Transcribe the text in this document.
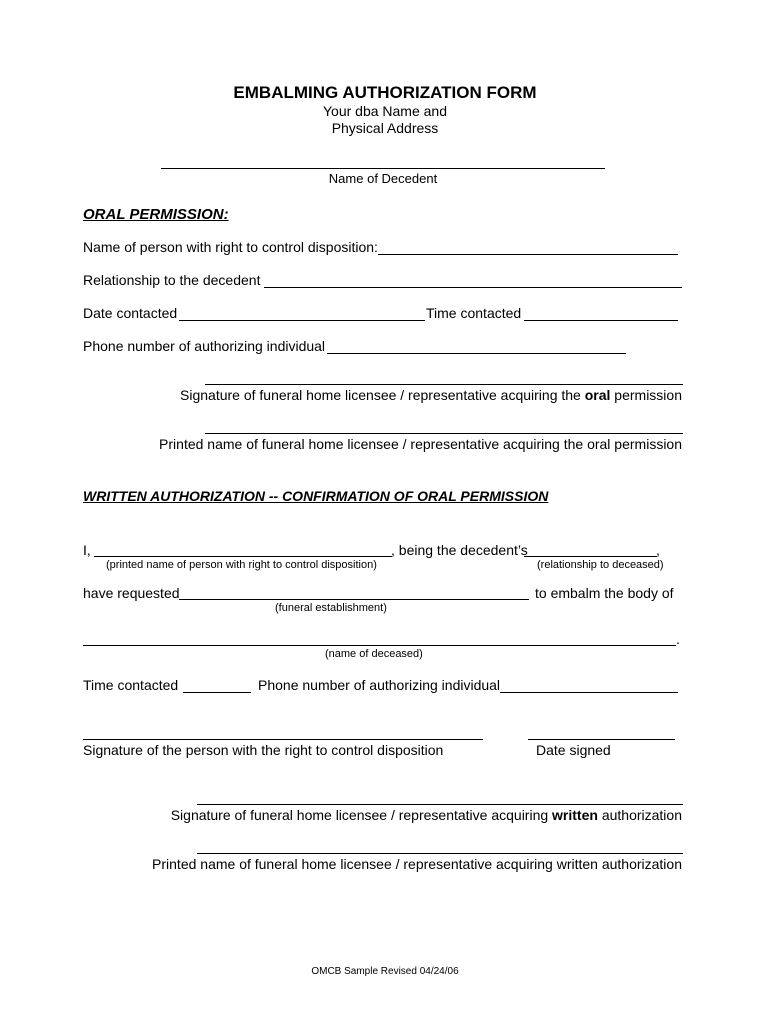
EMBALMING AUTHORIZATION FORM
Your dba Name and
Physical Address
Name of Decedent
ORAL PERMISSION:
Name of person with right to control disposition:
Relationship to the decedent
Date contacted	Time contacted
Phone number of authorizing individual
Signature of funeral home licensee / representative acquiring the oral permission
Printed name of funeral home licensee / representative acquiring the oral permission
WRITTEN AUTHORIZATION -- CONFIRMATION OF ORAL PERMISSION
I,	, being the decedent’s	,
(printed name of person with right to control disposition)	(relationship to deceased)
have requested	to embalm the body of
(funeral establishment)
.
(name of deceased)
Time contacted	Phone number of authorizing individual
Signature of the person with the right to control disposition	Date signed
Signature of funeral home licensee / representative acquiring written authorization
Printed name of funeral home licensee / representative acquiring written authorization
OMCB Sample Revised 04/24/06
